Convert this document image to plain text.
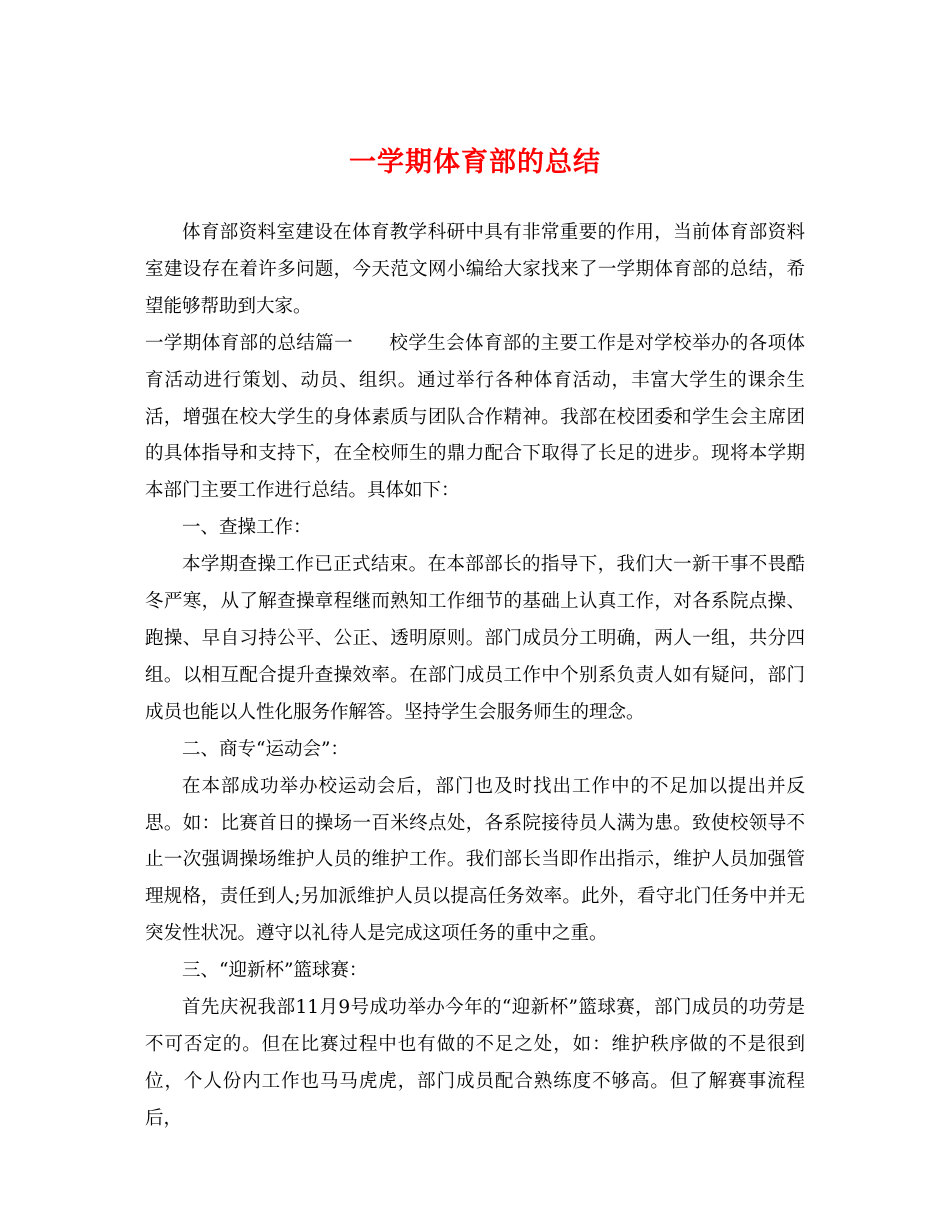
一学期体育部的总结

体育部资料室建设在体育教学科研中具有非常重要的作用，当前体育部资料室建设存在着许多问题，今天范文网小编给大家找来了一学期体育部的总结，希望能够帮助到大家。

一学期体育部的总结篇一 校学生会体育部的主要工作是对学校举办的各项体育活动进行策划、动员、组织。通过举行各种体育活动，丰富大学生的课余生活，增强在校大学生的身体素质与团队合作精神。我部在校团委和学生会主席团的具体指导和支持下，在全校师生的鼎力配合下取得了长足的进步。现将本学期本部门主要工作进行总结。具体如下：

一、查操工作：

本学期查操工作已正式结束。在本部部长的指导下，我们大一新干事不畏酷冬严寒，从了解查操章程继而熟知工作细节的基础上认真工作，对各系院点操、跑操、早自习持公平、公正、透明原则。部门成员分工明确，两人一组，共分四组。以相互配合提升查操效率。在部门成员工作中个别系负责人如有疑问，部门成员也能以人性化服务作解答。坚持学生会服务师生的理念。

二、商专“运动会”：

在本部成功举办校运动会后，部门也及时找出工作中的不足加以提出并反思。如：比赛首日的操场一百米终点处，各系院接待员人满为患。致使校领导不止一次强调操场维护人员的维护工作。我们部长当即作出指示，维护人员加强管理规格，责任到人;另加派维护人员以提高任务效率。此外，看守北门任务中并无突发性状况。遵守以礼待人是完成这项任务的重中之重。

三、“迎新杯”篮球赛：

首先庆祝我部11月9号成功举办今年的“迎新杯”篮球赛，部门成员的功劳是不可否定的。但在比赛过程中也有做的不足之处，如：维护秩序做的不是很到位，个人份内工作也马马虎虎，部门成员配合熟练度不够高。但了解赛事流程后，
